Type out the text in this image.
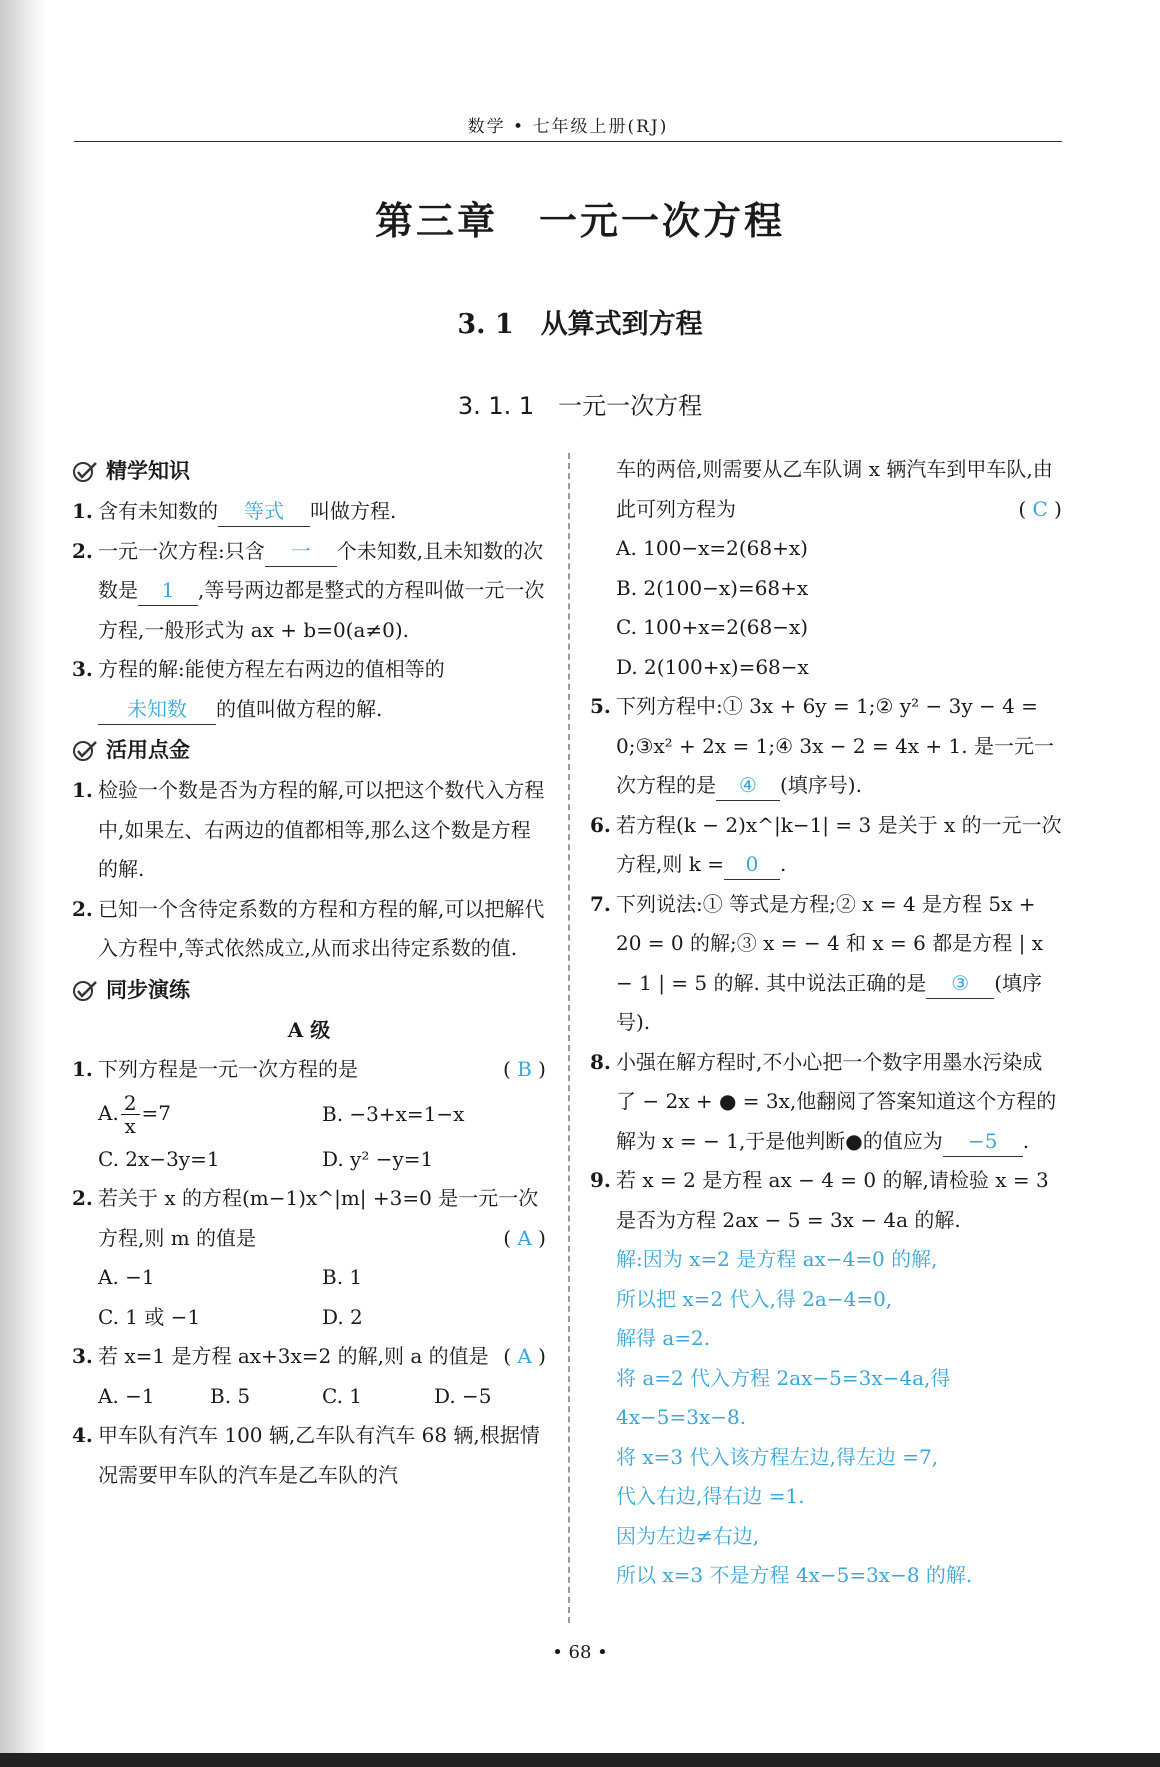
数学 • 七年级上册(RJ)
第三章　一元一次方程
3. 1　从算式到方程
3. 1. 1　一元一次方程
精学知识
1. 含有未知数的 等式 叫做方程.
2. 一元一次方程:只含 一 个未知数,且未知数的次数是 1 ,等号两边都是整式的方程叫做一元一次方程,一般形式为 ax + b=0(a≠0).
3. 方程的解:能使方程左右两边的值相等的未知数 的值叫做方程的解.
活用点金
1. 检验一个数是否为方程的解,可以把这个数代入方程中,如果左、右两边的值都相等,那么这个数是方程的解.
2. 已知一个含待定系数的方程和方程的解,可以把解代入方程中,等式依然成立,从而求出待定系数的值.
同步演练
A 级
1. 下列方程是一元一次方程的是	( B )
A. $\frac{2}{x} =7$	B. −3+x=1−x
C. 2x−3y=1	D. y² −y=1
2. 若关于 x 的方程(m−1)x^|m| +3=0 是一元一次方程,则 m 的值是	( A )
A. −1	B. 1
C. 1 或 −1	D. 2
3. 若 x=1 是方程 ax+3x=2 的解,则 a 的值是 ( A )
A. −1	B. 5	C. 1	D. −5
4. 甲车队有汽车 100 辆,乙车队有汽车 68 辆,根据情况需要甲车队的汽车是乙车队的汽
车的两倍,则需要从乙车队调 x 辆汽车到甲车队,由此可列方程为	( C )
A. 100−x=2(68+x)
B. 2(100−x)=68+x
C. 100+x=2(68−x)
D. 2(100+x)=68−x
5. 下列方程中:① 3x + 6y = 1;② y² − 3y − 4 = 0;③x² + 2x = 1;④ 3x − 2 = 4x + 1. 是一元一次方程的是 ④ (填序号).
6. 若方程(k − 2)x^|k−1| = 3 是关于 x 的一元一次方程,则 k = 0 .
7. 下列说法:① 等式是方程;② x = 4 是方程 5x + 20 = 0 的解;③ x = − 4 和 x = 6 都是方程 | x − 1 | = 5 的解. 其中说法正确的是 ③ (填序号).
8. 小强在解方程时,不小心把一个数字用墨水污染成了 − 2x + ● = 3x,他翻阅了答案知道这个方程的解为 x = − 1,于是他判断●的值应为 −5 .
9. 若 x = 2 是方程 ax − 4 = 0 的解,请检验 x = 3 是否为方程 2ax − 5 = 3x − 4a 的解.
解:因为 x=2 是方程 ax−4=0 的解,
所以把 x=2 代入,得 2a−4=0,
解得 a=2.
将 a=2 代入方程 2ax−5=3x−4a,得
4x−5=3x−8.
将 x=3 代入该方程左边,得左边 =7,
代入右边,得右边 =1.
因为左边≠右边,
所以 x=3 不是方程 4x−5=3x−8 的解.
• 68 •
